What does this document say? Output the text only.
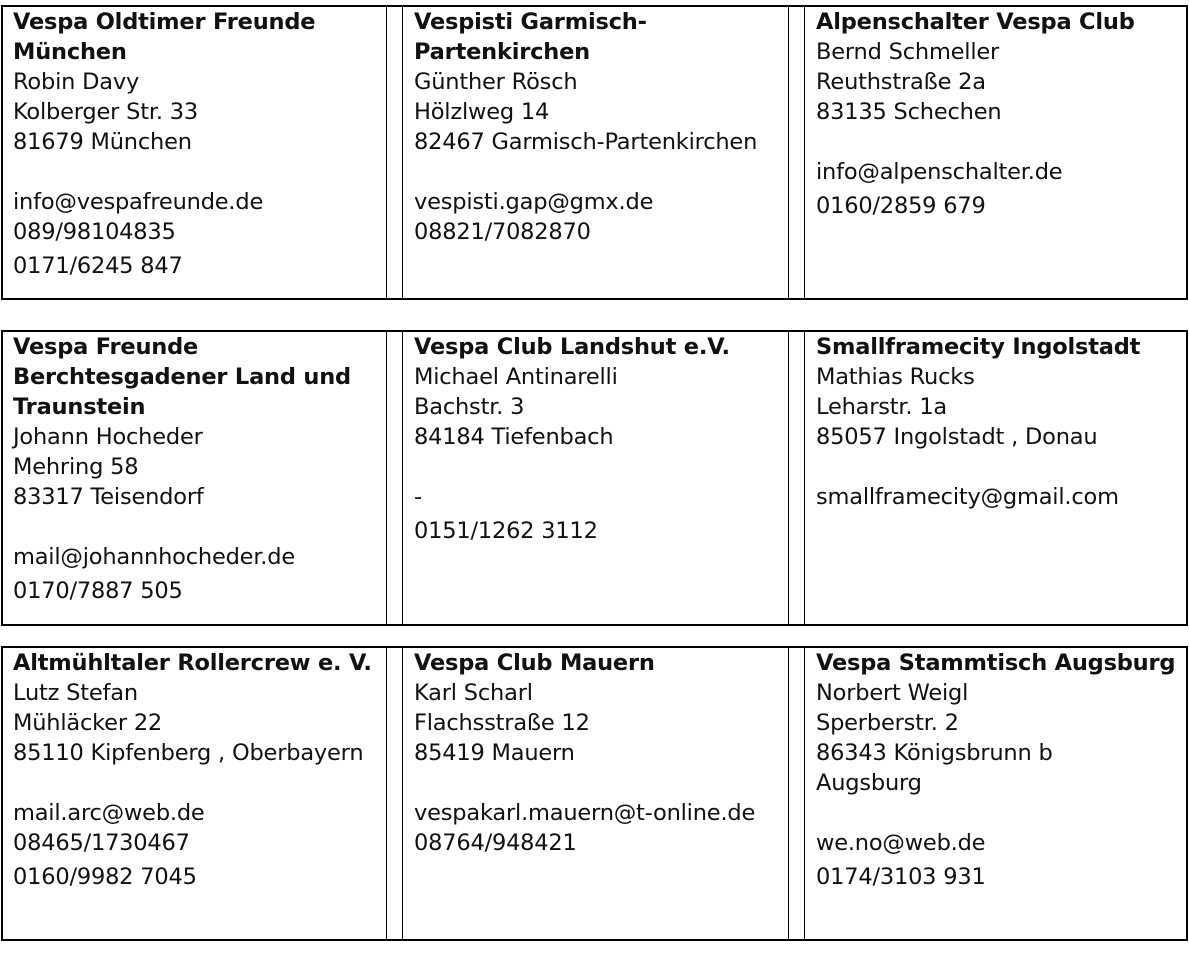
Vespa Oldtimer Freunde München
Robin Davy
Kolberger Str. 33
81679 München
info@vespafreunde.de
089/98104835
0171/6245 847
Vespisti Garmisch-
Partenkirchen
Günther Rösch
Hölzlweg 14
82467 Garmisch-Partenkirchen
vespisti.gap@gmx.de
08821/7082870
Alpenschalter Vespa Club
Bernd Schmeller
Reuthstraße 2a
83135 Schechen
info@alpenschalter.de
0160/2859 679
Vespa Freunde
Berchtesgadener Land und
Traunstein
Johann Hocheder
Mehring 58
83317 Teisendorf
mail@johannhocheder.de
0170/7887 505
Vespa Club Landshut e.V.
Michael Antinarelli
Bachstr. 3
84184 Tiefenbach
-
0151/1262 3112
Smallframecity Ingolstadt
Mathias Rucks
Leharstr. 1a
85057 Ingolstadt , Donau
smallframecity@gmail.com
Altmühltaler Rollercrew e. V.
Lutz Stefan
Mühläcker 22
85110 Kipfenberg , Oberbayern
mail.arc@web.de
08465/1730467
0160/9982 7045
Vespa Club Mauern
Karl Scharl
Flachsstraße 12
85419 Mauern
vespakarl.mauern@t-online.de
08764/948421
Vespa Stammtisch Augsburg
Norbert Weigl
Sperberstr. 2
86343 Königsbrunn b
Augsburg
we.no@web.de
0174/3103 931
